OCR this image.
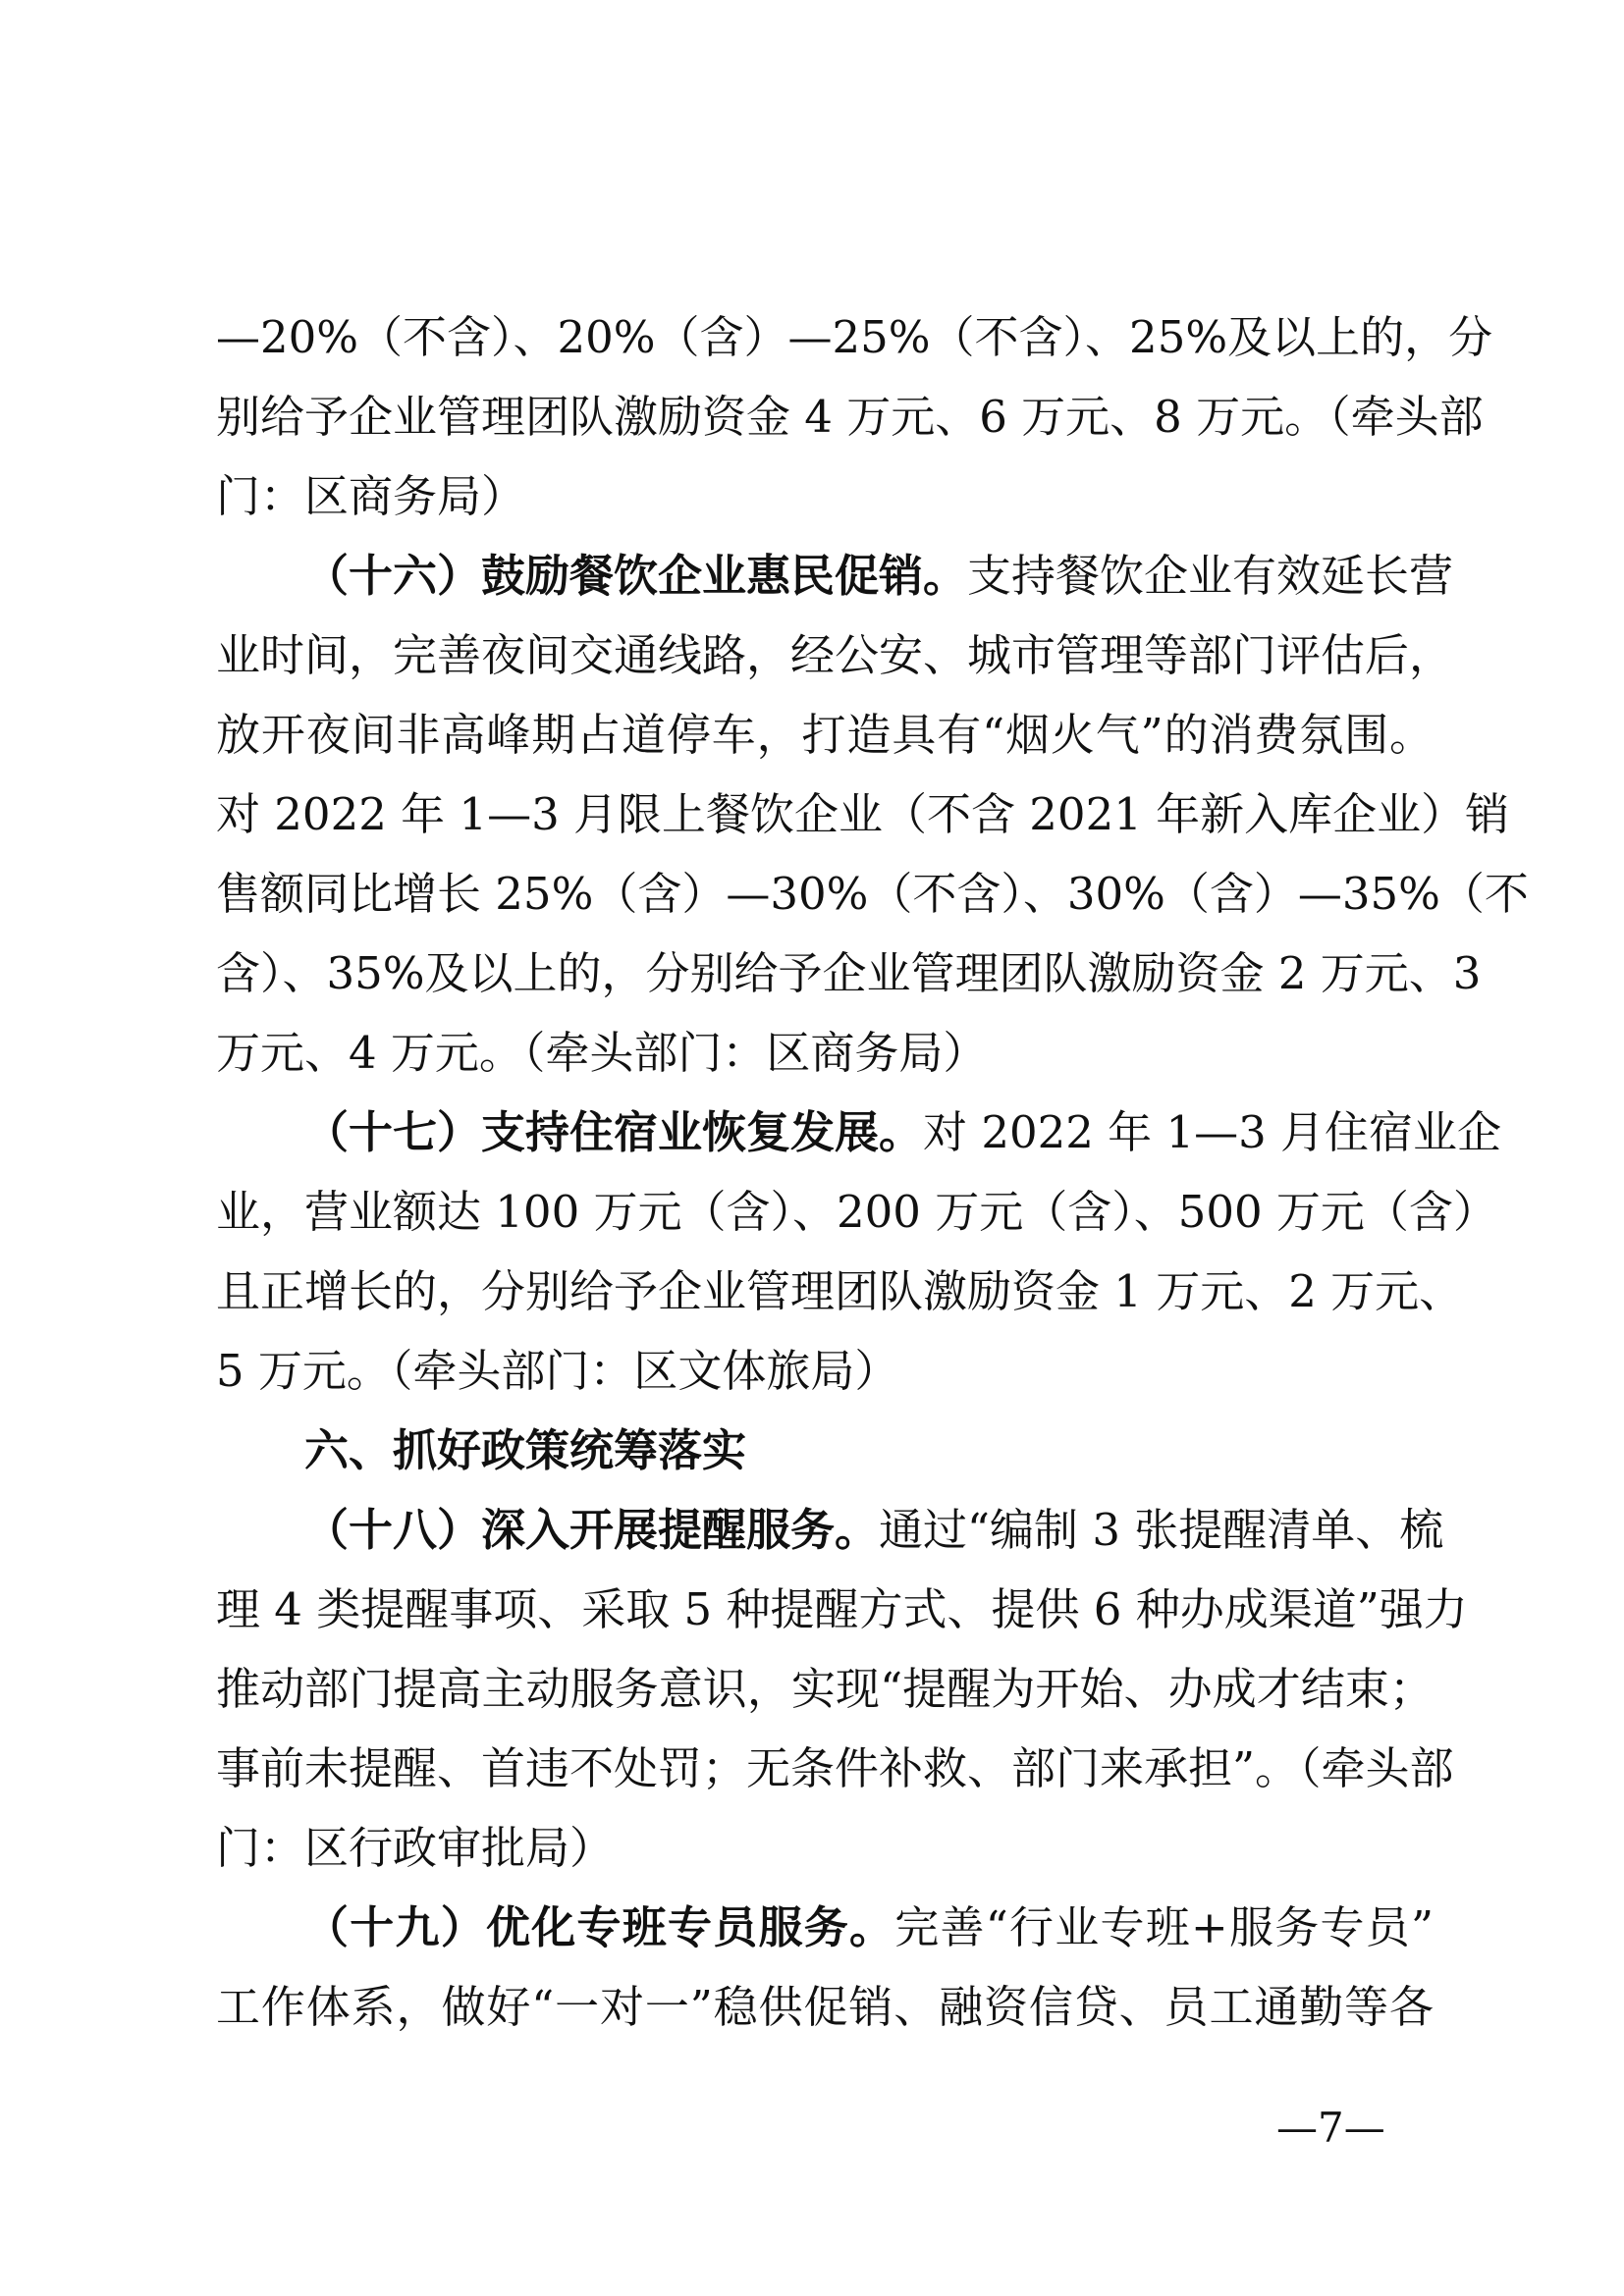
—20%（不含）、20%（含）—25%（不含）、25%及以上的，分
别给予企业管理团队激励资金 4 万元、6 万元、8 万元。（牵头部
门：区商务局）
（十六）鼓励餐饮企业惠民促销。支持餐饮企业有效延长营
业时间，完善夜间交通线路，经公安、城市管理等部门评估后，
放开夜间非高峰期占道停车，打造具有“烟火气”的消费氛围。
对 2022 年 1—3 月限上餐饮企业（不含 2021 年新入库企业）销
售额同比增长 25%（含）—30%（不含）、30%（含）—35%（不
含）、35%及以上的，分别给予企业管理团队激励资金 2 万元、3
万元、4 万元。（牵头部门：区商务局）
（十七）支持住宿业恢复发展。对 2022 年 1—3 月住宿业企
业，营业额达 100 万元（含）、200 万元（含）、500 万元（含）
且正增长的，分别给予企业管理团队激励资金 1 万元、2 万元、
5 万元。（牵头部门：区文体旅局）
六、抓好政策统筹落实
（十八）深入开展提醒服务。通过“编制 3 张提醒清单、梳
理 4 类提醒事项、采取 5 种提醒方式、提供 6 种办成渠道”强力
推动部门提高主动服务意识，实现“提醒为开始、办成才结束；
事前未提醒、首违不处罚；无条件补救、部门来承担”。（牵头部
门：区行政审批局）
（十九）优化专班专员服务。完善“行业专班+服务专员”
工作体系，做好“一对一”稳供促销、融资信贷、员工通勤等各
—7—
